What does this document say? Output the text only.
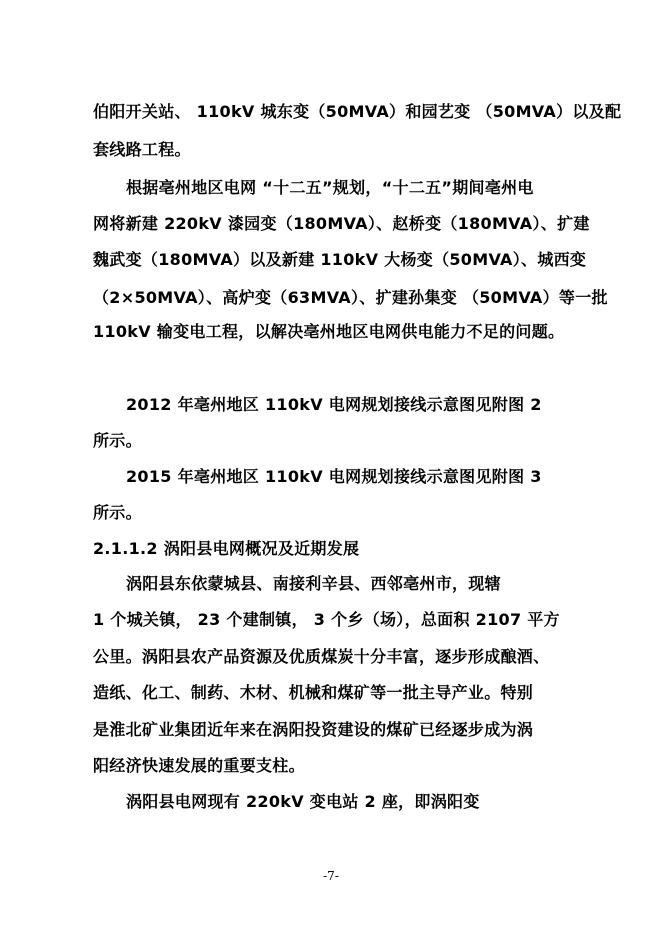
伯阳开关站、 110kV 城东变（50MVA）和园艺变 （50MVA）以及配
套线路工程。
根据亳州地区电网 “十二五”规划，“十二五”期间亳州电
网将新建 220kV 漆园变（180MVA）、赵桥变（180MVA）、扩建
魏武变（180MVA）以及新建 110kV 大杨变（50MVA）、城西变
（2×50MVA）、高炉变（63MVA）、扩建孙集变 （50MVA）等一批
110kV 输变电工程，以解决亳州地区电网供电能力不足的问题。
2012 年亳州地区 110kV 电网规划接线示意图见附图 2
所示。
2015 年亳州地区 110kV 电网规划接线示意图见附图 3
所示。
2.1.1.2 涡阳县电网概况及近期发展
涡阳县东依蒙城县、南接利辛县、西邻亳州市，现辖
1 个城关镇， 23 个建制镇， 3 个乡（场），总面积 2107 平方
公里。涡阳县农产品资源及优质煤炭十分丰富，逐步形成酿酒、
造纸、化工、制药、木材、机械和煤矿等一批主导产业。特别
是淮北矿业集团近年来在涡阳投资建设的煤矿已经逐步成为涡
阳经济快速发展的重要支柱。
涡阳县电网现有 220kV 变电站 2 座，即涡阳变
-7-
